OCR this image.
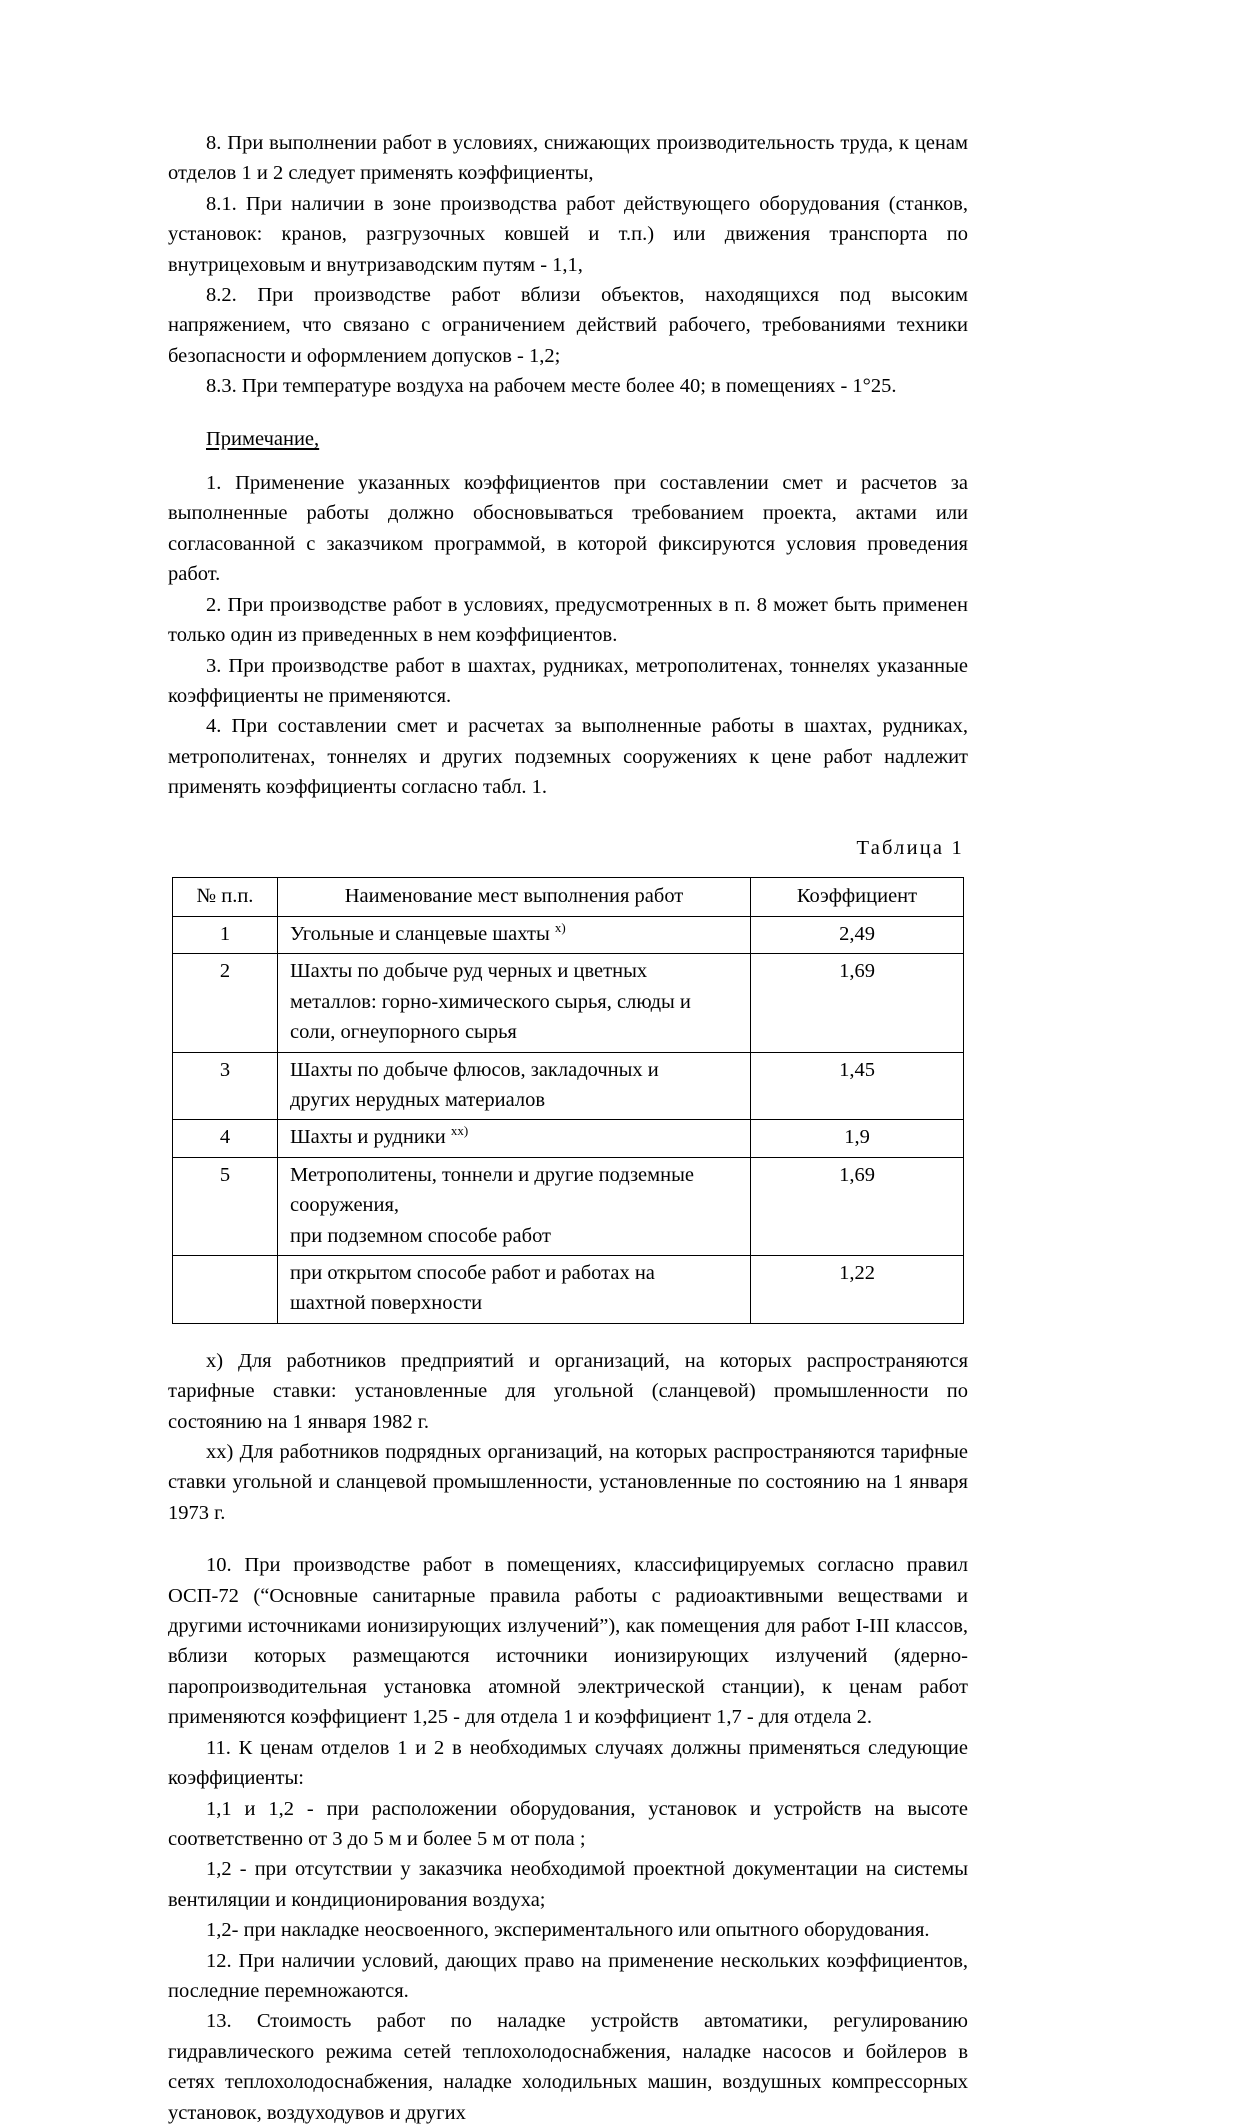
8. При выполнении работ в условиях, снижающих производительность труда, к ценам отделов 1 и 2 следует применять коэффициенты,

8.1. При наличии в зоне производства работ действующего оборудования (станков, установок: кранов, разгрузочных ковшей и т.п.) или движения транспорта по внутрицеховым и внутризаводским путям - 1,1,

8.2. При производстве работ вблизи объектов, находящихся под высоким напряжением, что связано с ограничением действий рабочего, требованиями техники безопасности и оформлением допусков - 1,2;

8.3. При температуре воздуха на рабочем месте более 40; в помещениях - 1°25.

Примечание,

1. Применение указанных коэффициентов при составлении смет и расчетов за выполненные работы должно обосновываться требованием проекта, актами или согласованной с заказчиком программой, в которой фиксируются условия проведения работ.

2. При производстве работ в условиях, предусмотренных в п. 8 может быть применен только один из приведенных в нем коэффициентов.

3. При производстве работ в шахтах, рудниках, метрополитенах, тоннелях указанные коэффициенты не применяются.

4. При составлении смет и расчетах за выполненные работы в шахтах, рудниках, метрополитенах, тоннелях и других подземных сооружениях к цене работ надлежит применять коэффициенты согласно табл. 1.

Таблица 1
№ п.п.	Наименование мест выполнения работ	Коэффициент
1	Угольные и сланцевые шахты $^{х)}$	2,49
2	Шахты по добыче руд черных и цветных
металлов: горно-химического сырья, слюды и
соли, огнеупорного сырья	1,69
3	Шахты по добыче флюсов, закладочных и
других нерудных материалов	1,45
4	Шахты и рудники $^{хх)}$	1,9
5	Метрополитены, тоннели и другие подземные
сооружения,
при подземном способе работ	1,69

	при открытом способе работ и работах на
шахтной поверхности	1,22

х) Для работников предприятий и организаций, на которых распространяются тарифные ставки: установленные для угольной (сланцевой) промышленности по состоянию на 1 января 1982 г.

хх) Для работников подрядных организаций, на которых распространяются тарифные ставки угольной и сланцевой промышленности, установленные по состоянию на 1 января 1973 г.

10. При производстве работ в помещениях, классифицируемых согласно правил ОСП-72 (“Основные санитарные правила работы с радиоактивными веществами и другими источниками ионизирующих излучений”), как помещения для работ I-III классов, вблизи которых размещаются источники ионизирующих излучений (ядерно-паропроизводительная установка атомной электрической станции), к ценам работ применяются коэффициент 1,25 - для отдела 1 и коэффициент 1,7 - для отдела 2.

11. К ценам отделов 1 и 2 в необходимых случаях должны применяться следующие коэффициенты:

1,1 и 1,2 - при расположении оборудования, установок и устройств на высоте соответственно от 3 до 5 м и более 5 м от пола ;

1,2 - при отсутствии у заказчика необходимой проектной документации на системы вентиляции и кондиционирования воздуха;

1,2- при накладке неосвоенного, экспериментального или опытного оборудования.

12. При наличии условий, дающих право на применение нескольких коэффициентов, последние перемножаются.

13. Стоимость работ по наладке устройств автоматики, регулированию гидравлического режима сетей теплохолодоснабжения, наладке насосов и бойлеров в сетях теплохолодоснабжения, наладке холодильных машин, воздушных компрессорных установок, воздуходувов и других
